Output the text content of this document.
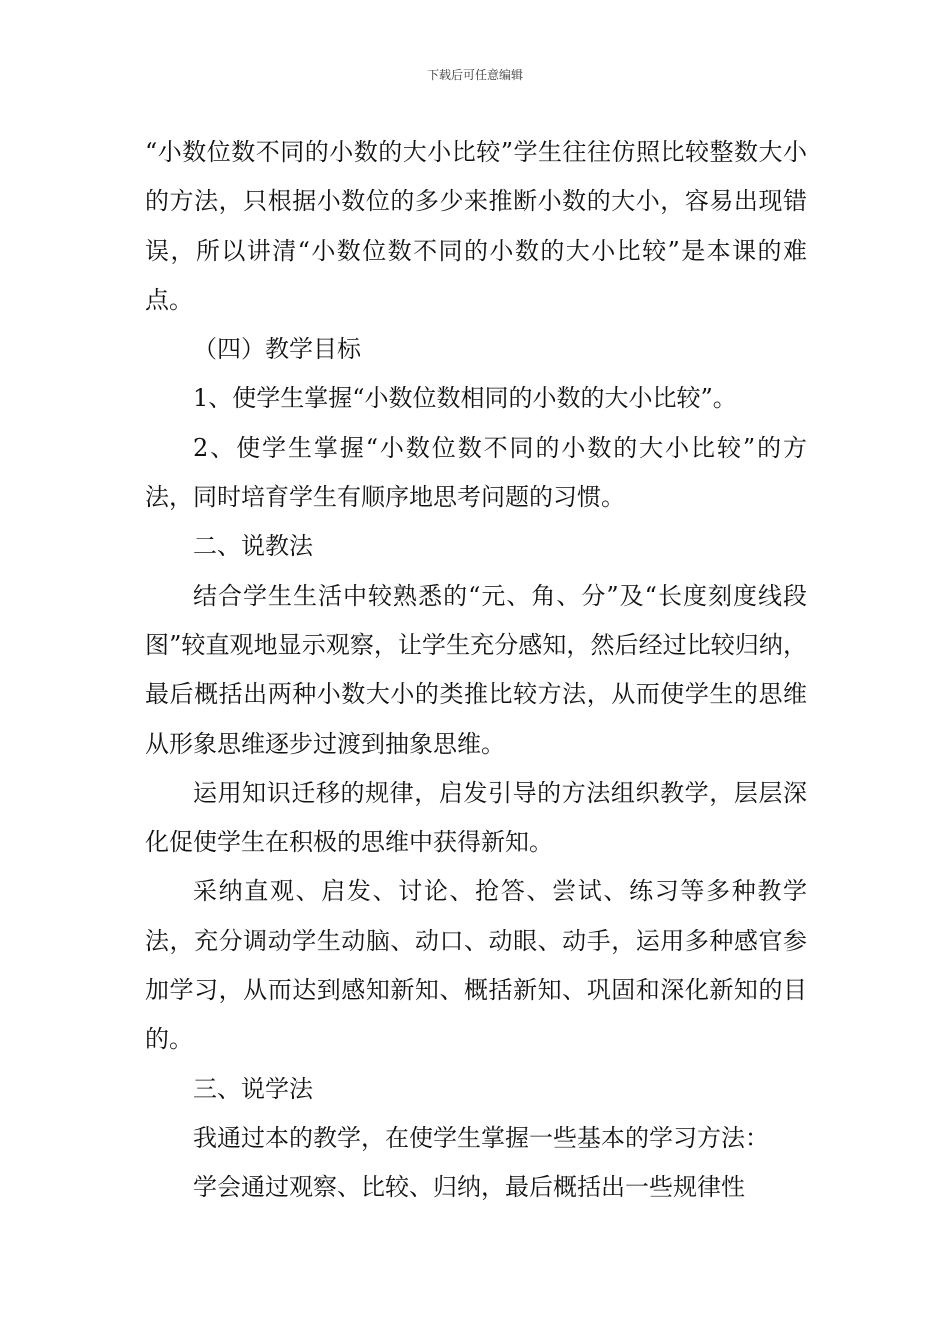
下载后可任意编辑

“小数位数不同的小数的大小比较”学生往往仿照比较整数大小的方法，只根据小数位的多少来推断小数的大小，容易出现错误，所以讲清“小数位数不同的小数的大小比较”是本课的难点。

（四）教学目标

1、使学生掌握“小数位数相同的小数的大小比较”。

2、使学生掌握“小数位数不同的小数的大小比较”的方法，同时培育学生有顺序地思考问题的习惯。

二、说教法

结合学生生活中较熟悉的“元、角、分”及“长度刻度线段图”较直观地显示观察，让学生充分感知，然后经过比较归纳，最后概括出两种小数大小的类推比较方法，从而使学生的思维从形象思维逐步过渡到抽象思维。

运用知识迁移的规律，启发引导的方法组织教学，层层深化促使学生在积极的思维中获得新知。

采纳直观、启发、讨论、抢答、尝试、练习等多种教学法，充分调动学生动脑、动口、动眼、动手，运用多种感官参加学习，从而达到感知新知、概括新知、巩固和深化新知的目的。

三、说学法

我通过本的教学，在使学生掌握一些基本的学习方法：

学会通过观察、比较、归纳，最后概括出一些规律性
